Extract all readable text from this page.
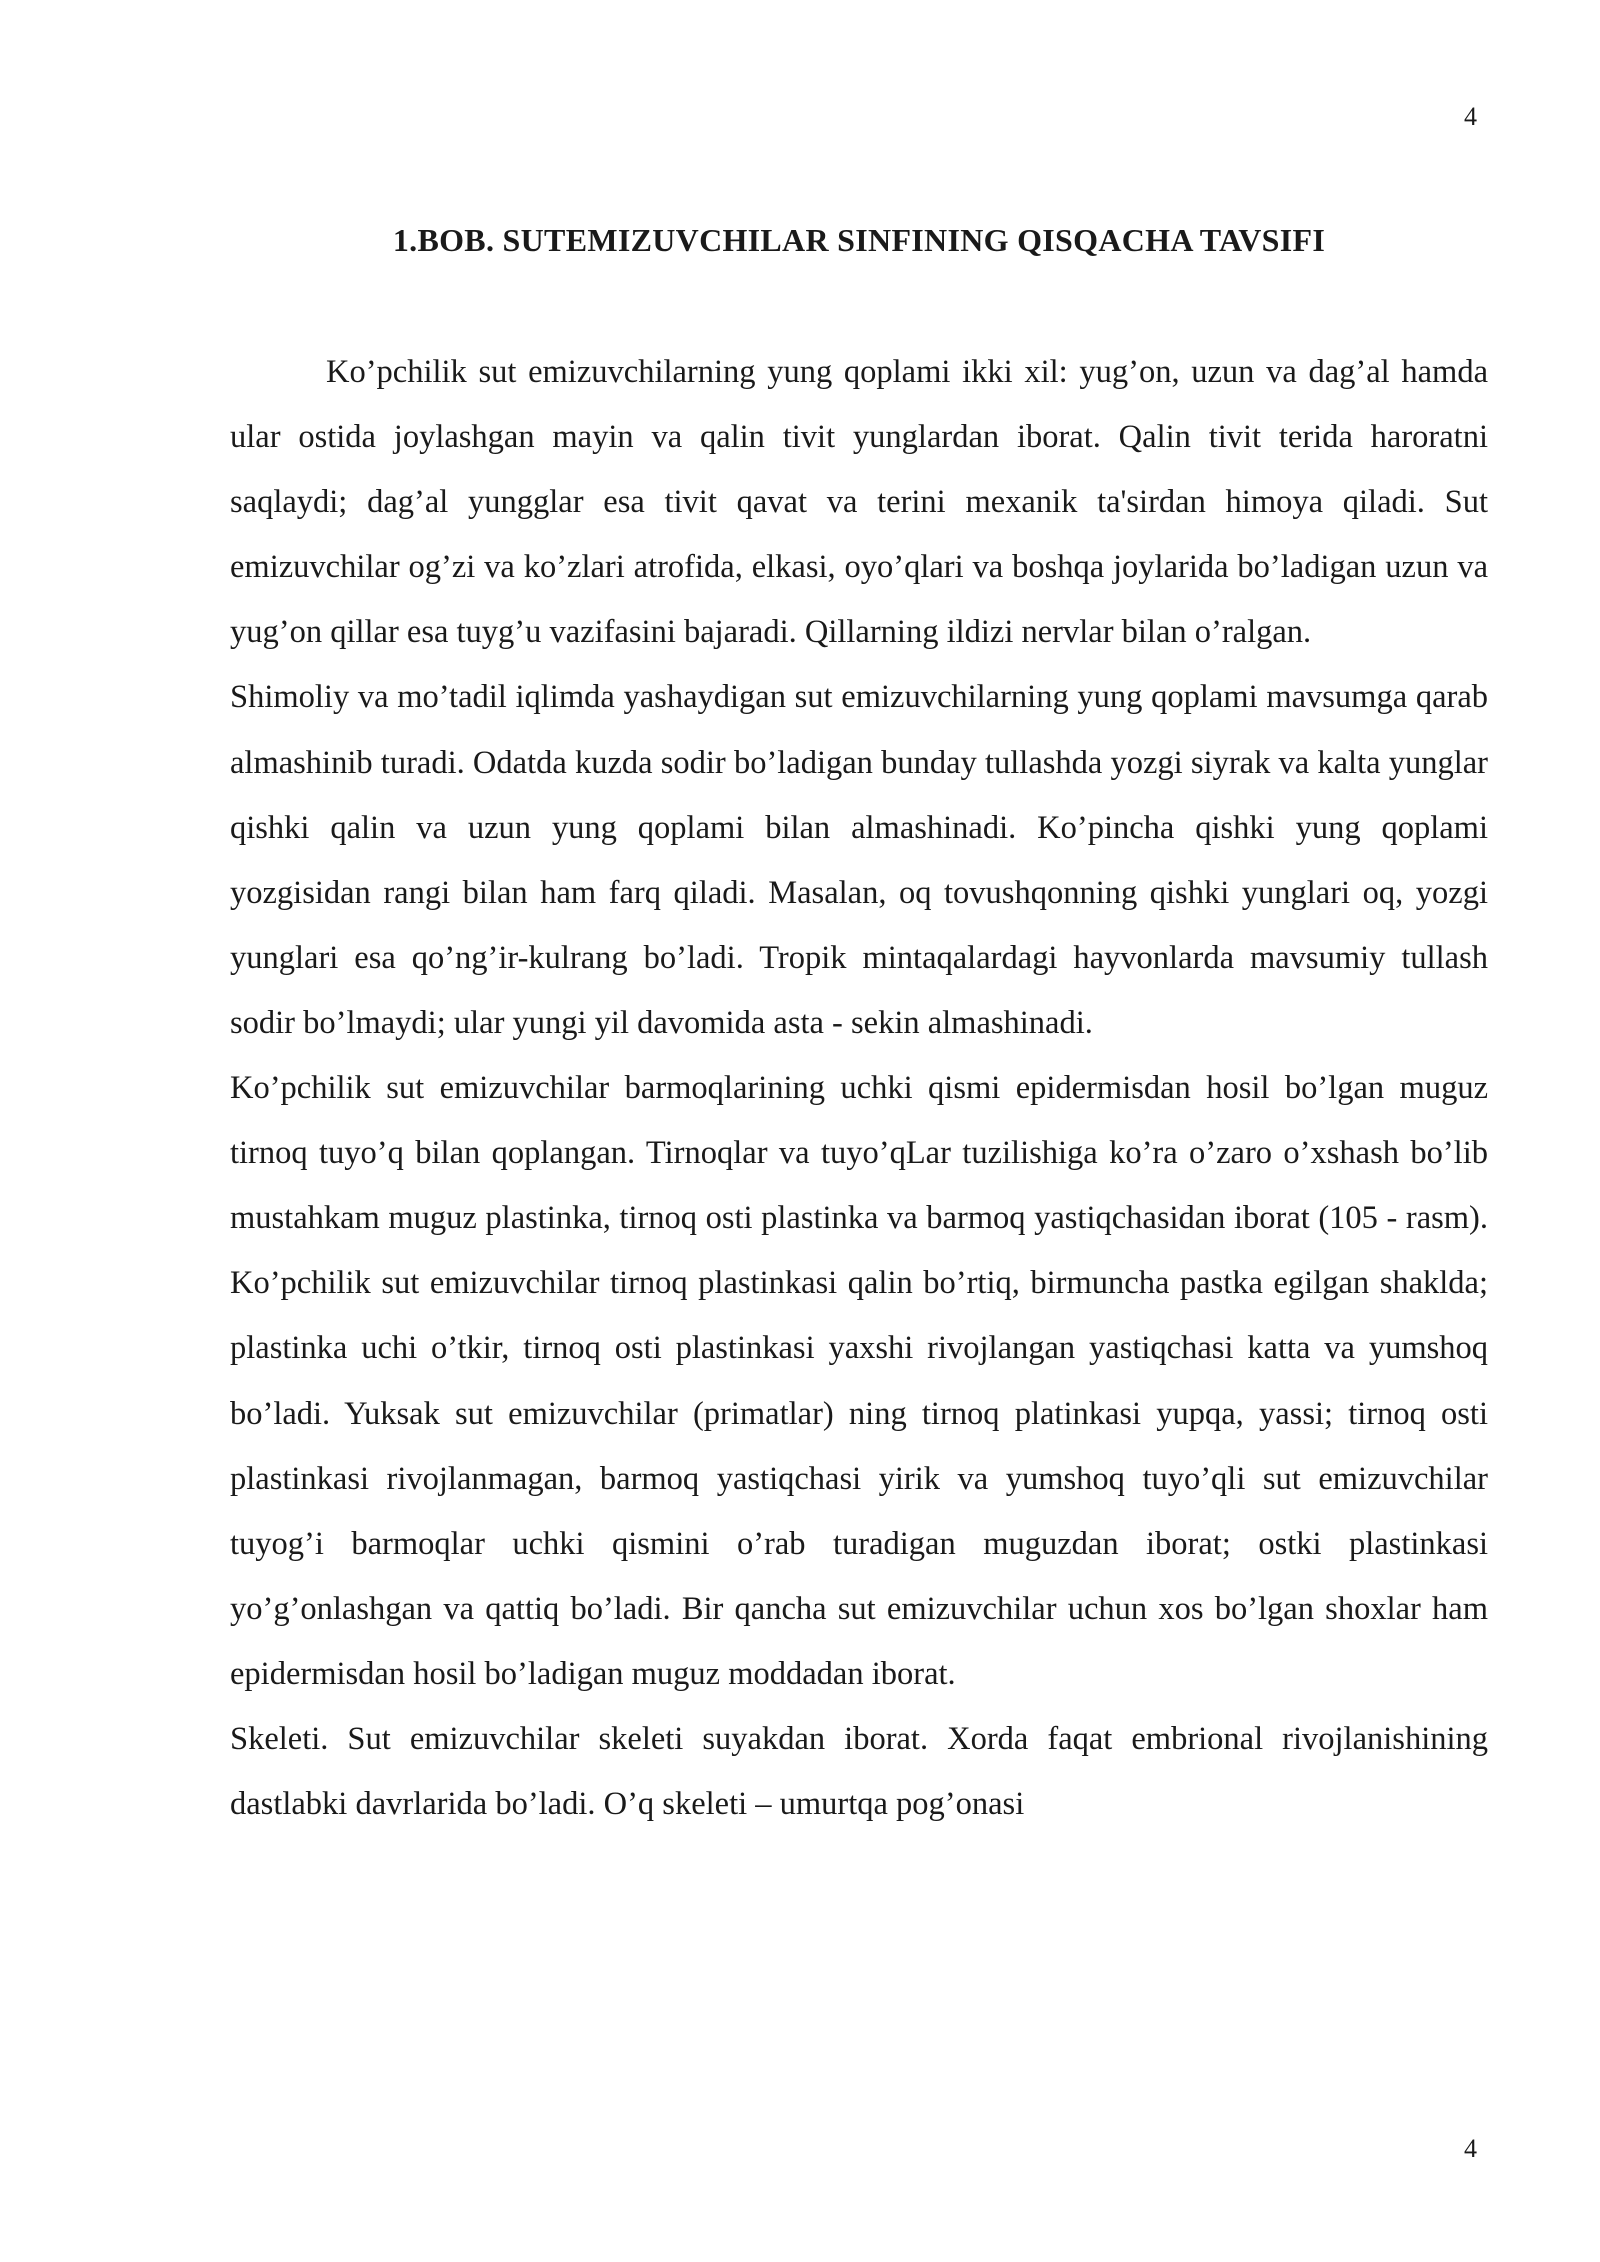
4
1.BOB. SUTEMIZUVCHILAR SINFINING QISQACHA TAVSIFI

Ko’pchilik sut emizuvchilarning yung qoplami ikki xil: yug’on, uzun va dag’al hamda ular ostida joylashgan mayin va qalin tivit yunglardan iborat. Qalin tivit terida haroratni saqlaydi; dag’al yungglar esa tivit qavat va terini mexanik ta'sirdan himoya qiladi. Sut emizuvchilar og’zi va ko’zlari atrofida, elkasi, oyo’qlari va boshqa joylarida bo’ladigan uzun va yug’on qillar esa tuyg’u vazifasini bajaradi. Qillarning ildizi nervlar bilan o’ralgan.

Shimoliy va mo’tadil iqlimda yashaydigan sut emizuvchilarning yung qoplami mavsumga qarab almashinib turadi. Odatda kuzda sodir bo’ladigan bunday tullashda yozgi siyrak va kalta yunglar qishki qalin va uzun yung qoplami bilan almashinadi. Ko’pincha qishki yung qoplami yozgisidan rangi bilan ham farq qiladi. Masalan, oq tovushqonning qishki yunglari oq, yozgi yunglari esa qo’ng’ir-kulrang bo’ladi. Tropik mintaqalardagi hayvonlarda mavsumiy tullash sodir bo’lmaydi; ular yungi yil davomida asta - sekin almashinadi.

Ko’pchilik sut emizuvchilar barmoqlarining uchki qismi epidermisdan hosil bo’lgan muguz tirnoq tuyo’q bilan qoplangan. Tirnoqlar va tuyo’qLar tuzilishiga ko’ra o’zaro o’xshash bo’lib mustahkam muguz plastinka, tirnoq osti plastinka va barmoq yastiqchasidan iborat (105 - rasm). Ko’pchilik sut emizuvchilar tirnoq plastinkasi qalin bo’rtiq, birmuncha pastka egilgan shaklda; plastinka uchi o’tkir, tirnoq osti plastinkasi yaxshi rivojlangan yastiqchasi katta va yumshoq bo’ladi. Yuksak sut emizuvchilar (primatlar) ning tirnoq platinkasi yupqa, yassi; tirnoq osti plastinkasi rivojlanmagan, barmoq yastiqchasi yirik va yumshoq tuyo’qli sut emizuvchilar tuyog’i barmoqlar uchki qismini o’rab turadigan muguzdan iborat; ostki plastinkasi yo’g’onlashgan va qattiq bo’ladi. Bir qancha sut emizuvchilar uchun xos bo’lgan shoxlar ham epidermisdan hosil bo’ladigan muguz moddadan iborat.

Skeleti. Sut emizuvchilar skeleti suyakdan iborat. Xorda faqat embrional rivojlanishining dastlabki davrlarida bo’ladi. O’q skeleti – umurtqa pog’onasi

4
